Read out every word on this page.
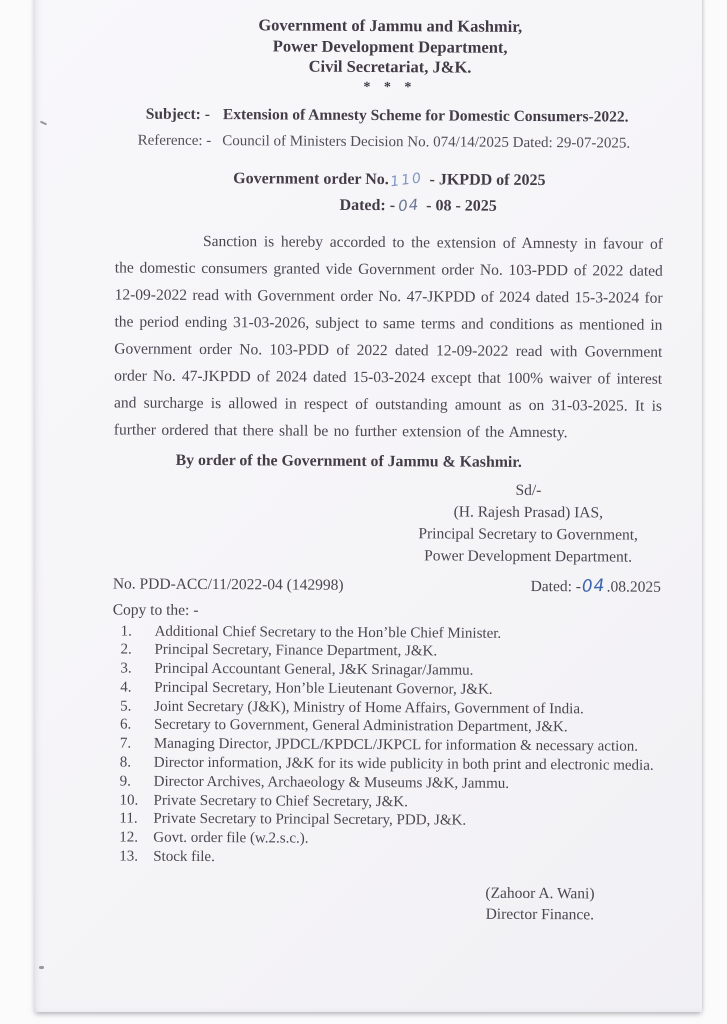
Government of Jammu and Kashmir,
Power Development Department,
Civil Secretariat, J&K.
* * *
Subject: - Extension of Amnesty Scheme for Domestic Consumers-2022.
Reference: - Council of Ministers Decision No. 074/14/2025 Dated: 29-07-2025.
Government order No.110 - JKPDD of 2025
Dated: - 04 - 08 - 2025

Sanction is hereby accorded to the extension of Amnesty in favour of the domestic consumers granted vide Government order No. 103-PDD of 2022 dated 12-09-2022 read with Government order No. 47-JKPDD of 2024 dated 15-3-2024 for the period ending 31-03-2026, subject to same terms and conditions as mentioned in Government order No. 103-PDD of 2022 dated 12-09-2022 read with Government order No. 47-JKPDD of 2024 dated 15-03-2024 except that 100% waiver of interest and surcharge is allowed in respect of outstanding amount as on 31-03-2025. It is further ordered that there shall be no further extension of the Amnesty.

By order of the Government of Jammu & Kashmir.
Sd/-
(H. Rajesh Prasad) IAS,
Principal Secretary to Government,
Power Development Department.
No. PDD-ACC/11/2022-04 (142998)	Dated: -04.08.2025
Copy to the: -
1.	Additional Chief Secretary to the Hon’ble Chief Minister.
2.	Principal Secretary, Finance Department, J&K.
3.	Principal Accountant General, J&K Srinagar/Jammu.
4.	Principal Secretary, Hon’ble Lieutenant Governor, J&K.
5.	Joint Secretary (J&K), Ministry of Home Affairs, Government of India.
6.	Secretary to Government, General Administration Department, J&K.
7.	Managing Director, JPDCL/KPDCL/JKPCL for information & necessary action.
8.	Director information, J&K for its wide publicity in both print and electronic media.
9.	Director Archives, Archaeology & Museums J&K, Jammu.
10.	Private Secretary to Chief Secretary, J&K.
11.	Private Secretary to Principal Secretary, PDD, J&K.
12.	Govt. order file (w.2.s.c.).
13.	Stock file.
(Zahoor A. Wani)
Director Finance.
